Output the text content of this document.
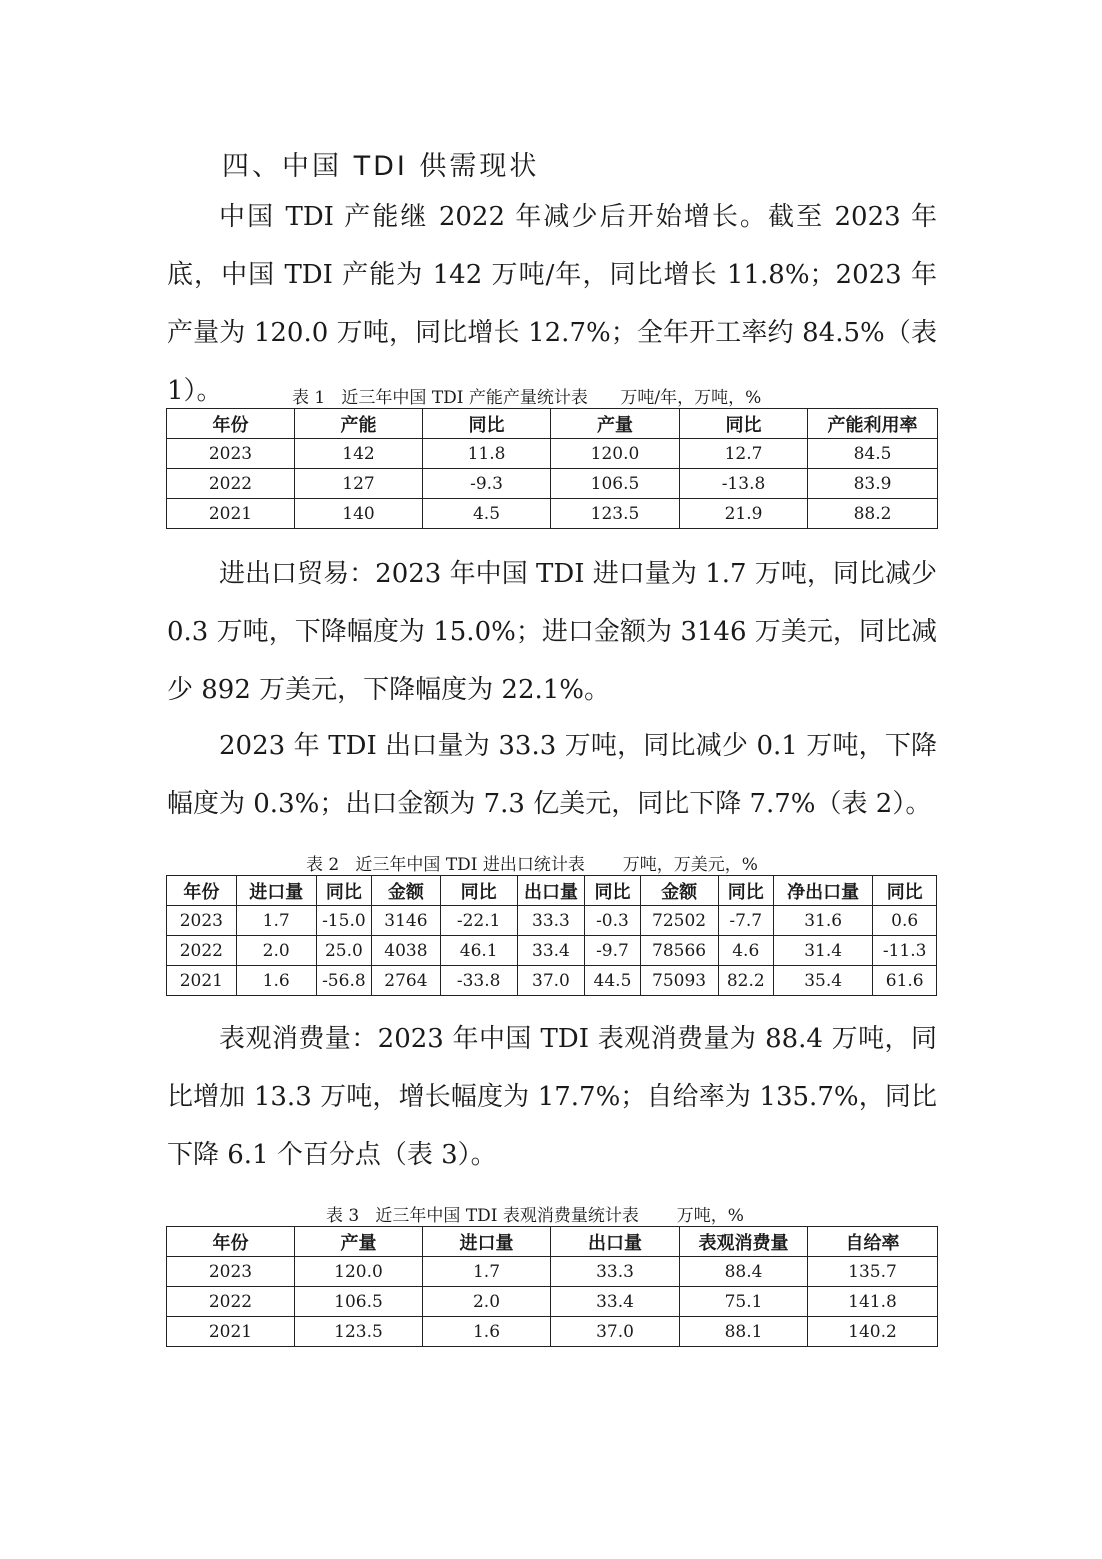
四、中国 TDI 供需现状

中国 TDI 产能继 2022 年减少后开始增长。截至 2023 年底，中国 TDI 产能为 142 万吨/年，同比增长 11.8%；2023 年产量为 120.0 万吨，同比增长 12.7%；全年开工率约 84.5%（表 1）。	表 1   近三年中国 TDI 产能产量统计表      万吨/年，万吨，%
年份	产能	同比	产量	同比	产能利用率
2023	142	11.8	120.0	12.7	84.5
2022	127	-9.3	106.5	-13.8	83.9
2021	140	4.5	123.5	21.9	88.2

进出口贸易：2023 年中国 TDI 进口量为 1.7 万吨，同比减少 0.3 万吨，下降幅度为 15.0%；进口金额为 3146 万美元，同比减少 892 万美元，下降幅度为 22.1%。

2023 年 TDI 出口量为 33.3 万吨，同比减少 0.1 万吨，下降幅度为 0.3%；出口金额为 7.3 亿美元，同比下降 7.7%（表 2）。

表 2   近三年中国 TDI 进出口统计表       万吨，万美元，%
年份	进口量	同比	金额	同比	出口量	同比	金额	同比	净出口量	同比
2023	1.7	-15.0	3146	-22.1	33.3	-0.3	72502	-7.7	31.6	0.6
2022	2.0	25.0	4038	46.1	33.4	-9.7	78566	4.6	31.4	-11.3
2021	1.6	-56.8	2764	-33.8	37.0	44.5	75093	82.2	35.4	61.6

表观消费量：2023 年中国 TDI 表观消费量为 88.4 万吨，同比增加 13.3 万吨，增长幅度为 17.7%；自给率为 135.7%，同比下降 6.1 个百分点（表 3）。

表 3   近三年中国 TDI 表观消费量统计表       万吨，%
年份	产量	进口量	出口量	表观消费量	自给率
2023	120.0	1.7	33.3	88.4	135.7
2022	106.5	2.0	33.4	75.1	141.8
2021	123.5	1.6	37.0	88.1	140.2
